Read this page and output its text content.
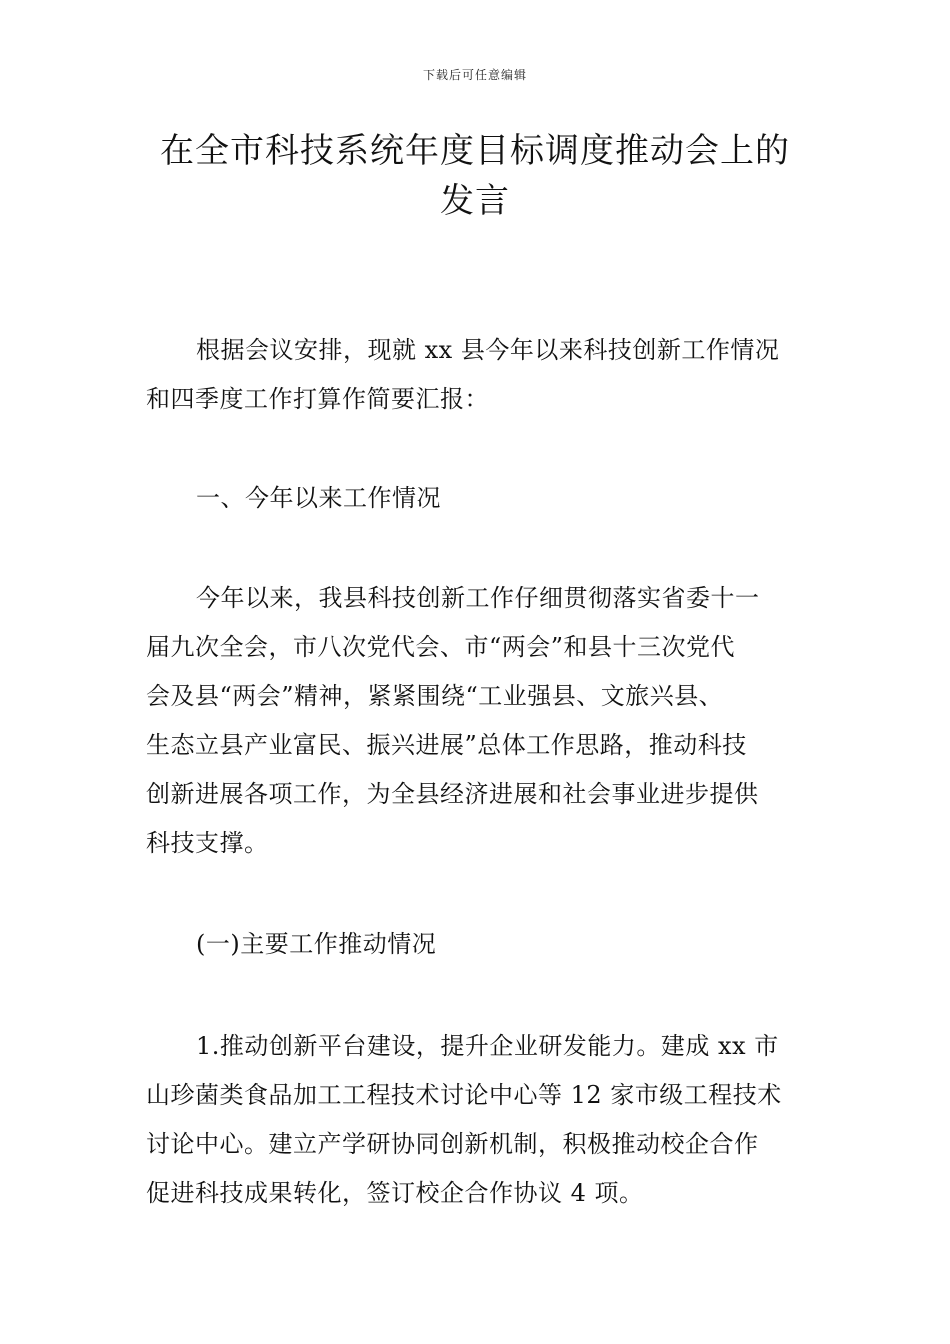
下载后可任意编辑
在全市科技系统年度目标调度推动会上的
发言
根据会议安排，现就 xx 县今年以来科技创新工作情况
和四季度工作打算作简要汇报：
一、今年以来工作情况
今年以来，我县科技创新工作仔细贯彻落实省委十一
届九次全会，市八次党代会、市“两会”和县十三次党代
会及县“两会”精神，紧紧围绕“工业强县、文旅兴县、
生态立县产业富民、振兴进展”总体工作思路，推动科技
创新进展各项工作，为全县经济进展和社会事业进步提供
科技支撑。
(一)主要工作推动情况
1.推动创新平台建设，提升企业研发能力。建成 xx 市
山珍菌类食品加工工程技术讨论中心等 12 家市级工程技术
讨论中心。建立产学研协同创新机制，积极推动校企合作
促进科技成果转化，签订校企合作协议 4 项。
